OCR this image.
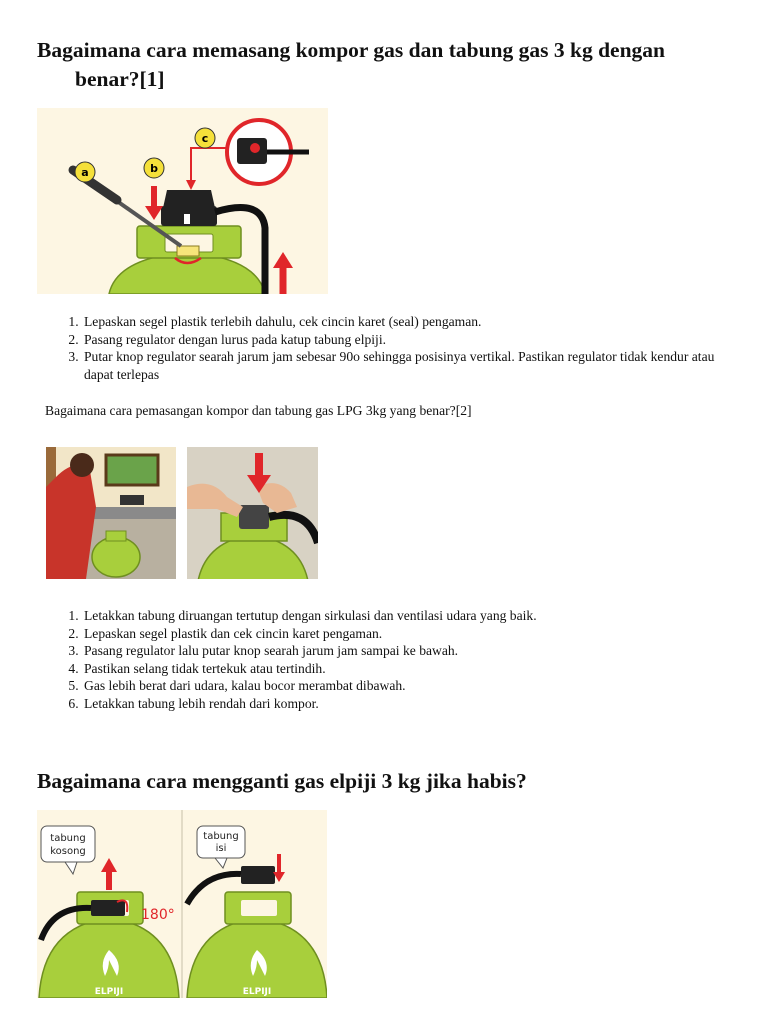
Bagaimana cara memasang kompor gas dan tabung gas 3 kg dengan
benar?[1]
a	b
c
1. Lepaskan segel plastik terlebih dahulu, cek cincin karet (seal) pengaman.
2. Pasang regulator dengan lurus pada katup tabung elpiji.
3. Putar knop regulator searah jarum jam sebesar 90o sehingga posisinya vertikal. Pastikan regulator tidak kendur atau dapat terlepas

Bagaimana cara pemasangan kompor dan tabung gas LPG 3kg yang benar?[2]

1. Letakkan tabung diruangan tertutup dengan sirkulasi dan ventilasi udara yang baik.
2. Lepaskan segel plastik dan cek cincin karet pengaman.
3. Pasang regulator lalu putar knop searah jarum jam sampai ke bawah.
4. Pastikan selang tidak tertekuk atau tertindih.
5. Gas lebih berat dari udara, kalau bocor merambat dibawah.
6. Letakkan tabung lebih rendah dari kompor.
Bagaimana cara mengganti gas elpiji 3 kg jika habis?
180°
ELPIJI
tabung
kosong
ELPIJI
tabung
isi
